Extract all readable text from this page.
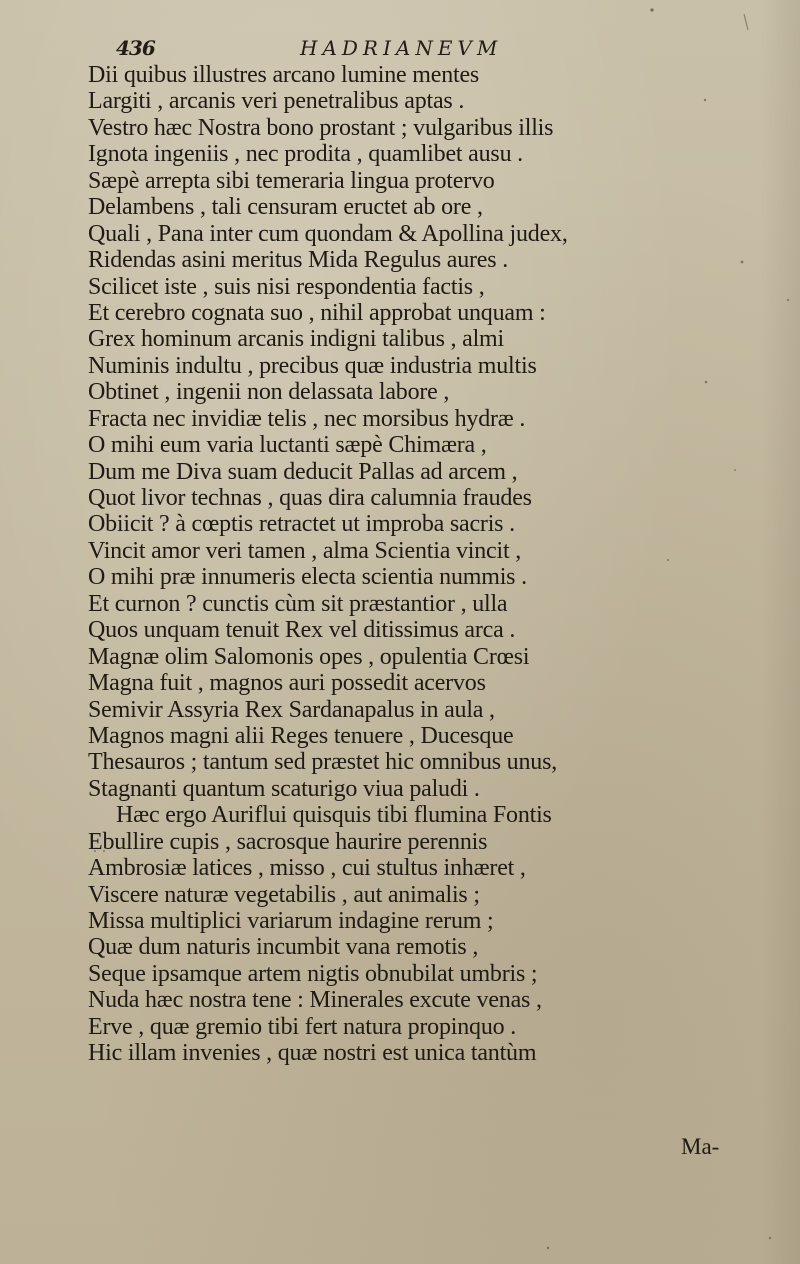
436	HADRIANEVM
Dii quibus illustres arcano lumine mentes
Largiti , arcanis veri penetralibus aptas .
Vestro hæc Nostra bono prostant ; vulgaribus illis
Ignota ingeniis , nec prodita , quamlibet ausu .
Sæpè arrepta sibi temeraria lingua protervo
Delambens , tali censuram eructet ab ore ,
Quali , Pana inter cum quondam & Apollina judex,
Ridendas asini meritus Mida Regulus aures .
Scilicet iste , suis nisi respondentia factis ,
Et cerebro cognata suo , nihil approbat unquam :
Grex hominum arcanis indigni talibus , almi
Numinis indultu , precibus quæ industria multis
Obtinet , ingenii non delassata labore ,
Fracta nec invidiæ telis , nec morsibus hydræ .
O mihi eum varia luctanti sæpè Chimæra ,
Dum me Diva suam deducit Pallas ad arcem ,
Quot livor technas , quas dira calumnia fraudes
Obiicit ? à cœptis retractet ut improba sacris .
Vincit amor veri tamen , alma Scientia vincit ,
O mihi præ innumeris electa scientia nummis .
Et curnon ? cunctis cùm sit præstantior , ulla
Quos unquam tenuit Rex vel ditissimus arca .
Magnæ olim Salomonis opes , opulentia Crœsi
Magna fuit , magnos auri possedit acervos
Semivir Assyria Rex Sardanapalus in aula ,
Magnos magni alii Reges tenuere , Ducesque
Thesauros ; tantum sed præstet hic omnibus unus,
Stagnanti quantum scaturigo viua paludi .
Hæc ergo Auriflui quisquis tibi flumina Fontis
Ebullire cupis , sacrosque haurire perennis
Ambrosiæ latices , misso , cui stultus inhæret ,
Viscere naturæ vegetabilis , aut animalis ;
Missa multiplici variarum indagine rerum ;
Quæ dum naturis incumbit vana remotis ,
Seque ipsamque artem nigtis obnubilat umbris ;
Nuda hæc nostra tene : Minerales excute venas ,
Erve , quæ gremio tibi fert natura propinquo .
Hic illam invenies , quæ nostri est unica tantùm
Ma-
